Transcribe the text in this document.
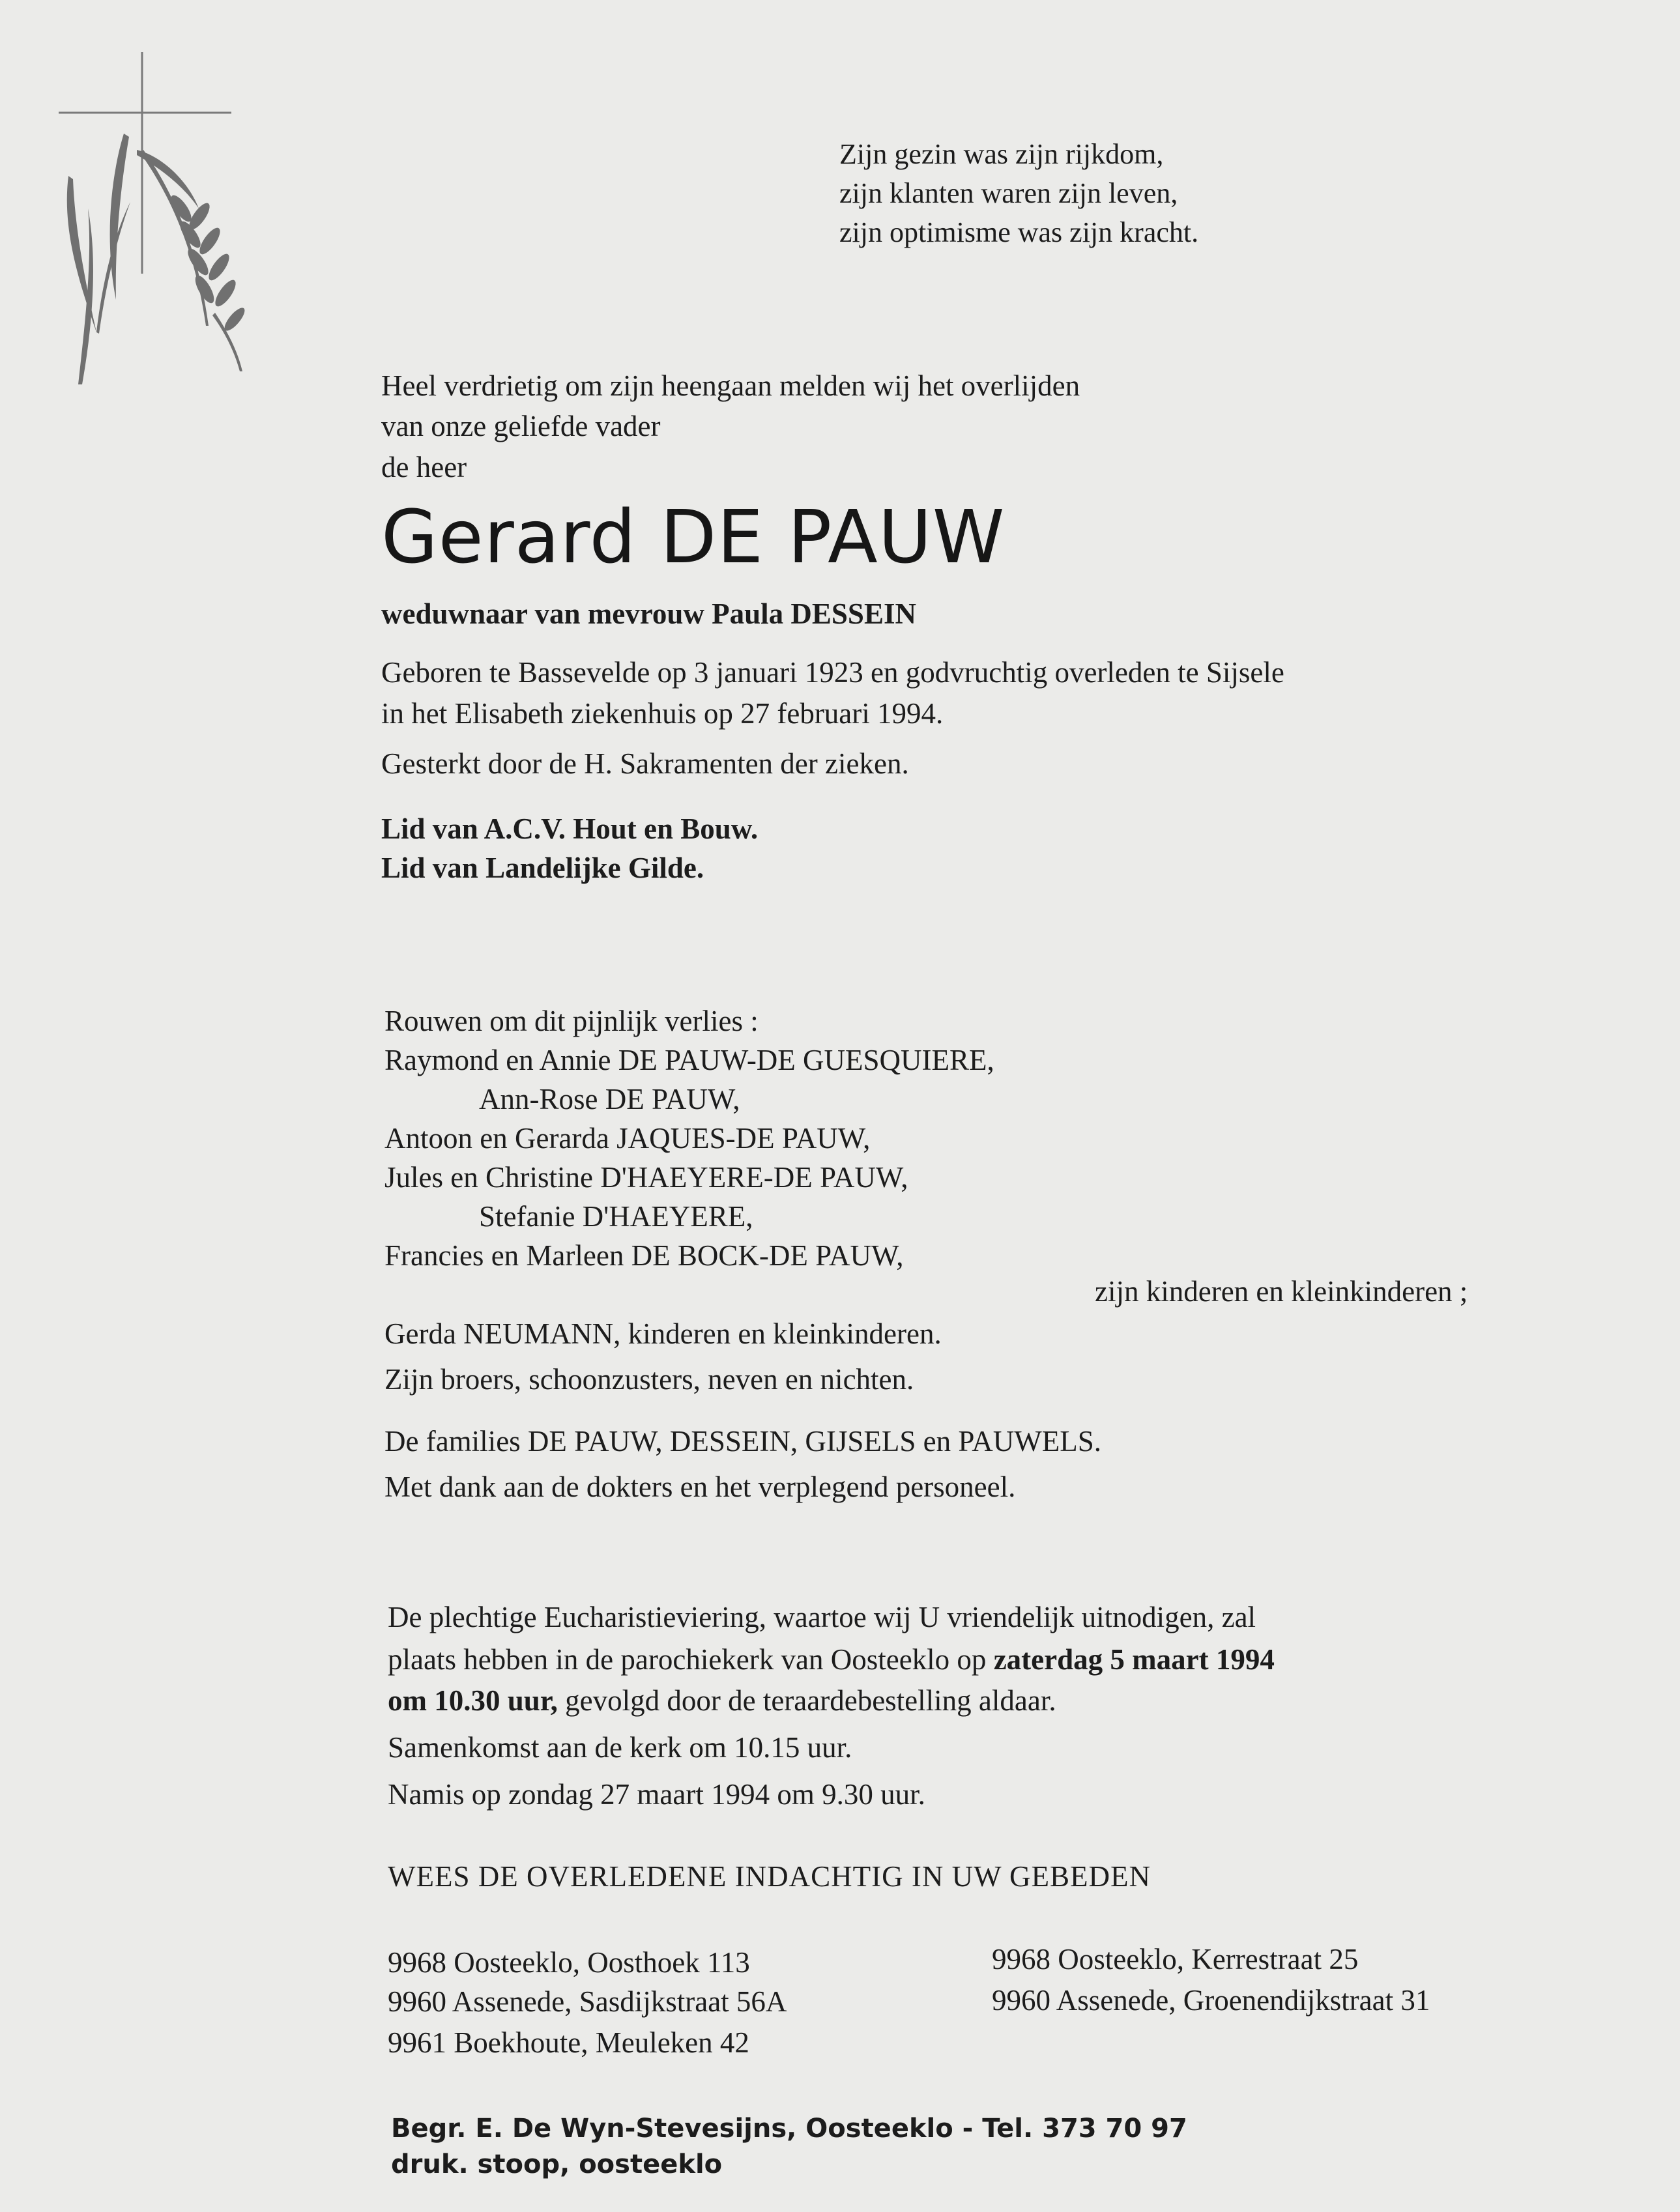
Zijn gezin was zijn rijkdom,

zijn klanten waren zijn leven,

zijn optimisme was zijn kracht.

Heel verdrietig om zijn heengaan melden wij het overlijden

van onze geliefde vader

de heer

Gerard DE PAUW

weduwnaar van mevrouw Paula DESSEIN

Geboren te Bassevelde op 3 januari 1923 en godvruchtig overleden te Sijsele

in het Elisabeth ziekenhuis op 27 februari 1994.

Gesterkt door de H. Sakramenten der zieken.

Lid van A.C.V. Hout en Bouw.

Lid van Landelijke Gilde.

Rouwen om dit pijnlijk verlies :

Raymond en Annie DE PAUW-DE GUESQUIERE,

Ann-Rose DE PAUW,

Antoon en Gerarda JAQUES-DE PAUW,

Jules en Christine D'HAEYERE-DE PAUW,

Stefanie D'HAEYERE,

Francies en Marleen DE BOCK-DE PAUW,

zijn kinderen en kleinkinderen ;

Gerda NEUMANN, kinderen en kleinkinderen.

Zijn broers, schoonzusters, neven en nichten.

De families DE PAUW, DESSEIN, GIJSELS en PAUWELS.

Met dank aan de dokters en het verplegend personeel.

De plechtige Eucharistieviering, waartoe wij U vriendelijk uitnodigen, zal

plaats hebben in de parochiekerk van Oosteeklo op zaterdag 5 maart 1994

om 10.30 uur, gevolgd door de teraardebestelling aldaar.

Samenkomst aan de kerk om 10.15 uur.

Namis op zondag 27 maart 1994 om 9.30 uur.

WEES DE OVERLEDENE INDACHTIG IN UW GEBEDEN

9968 Oosteeklo, Oosthoek 113

9960 Assenede, Sasdijkstraat 56A

9961 Boekhoute, Meuleken 42

9968 Oosteeklo, Kerrestraat 25

9960 Assenede, Groenendijkstraat 31

Begr. E. De Wyn-Stevesijns, Oosteeklo - Tel. 373 70 97

druk. stoop, oosteeklo
